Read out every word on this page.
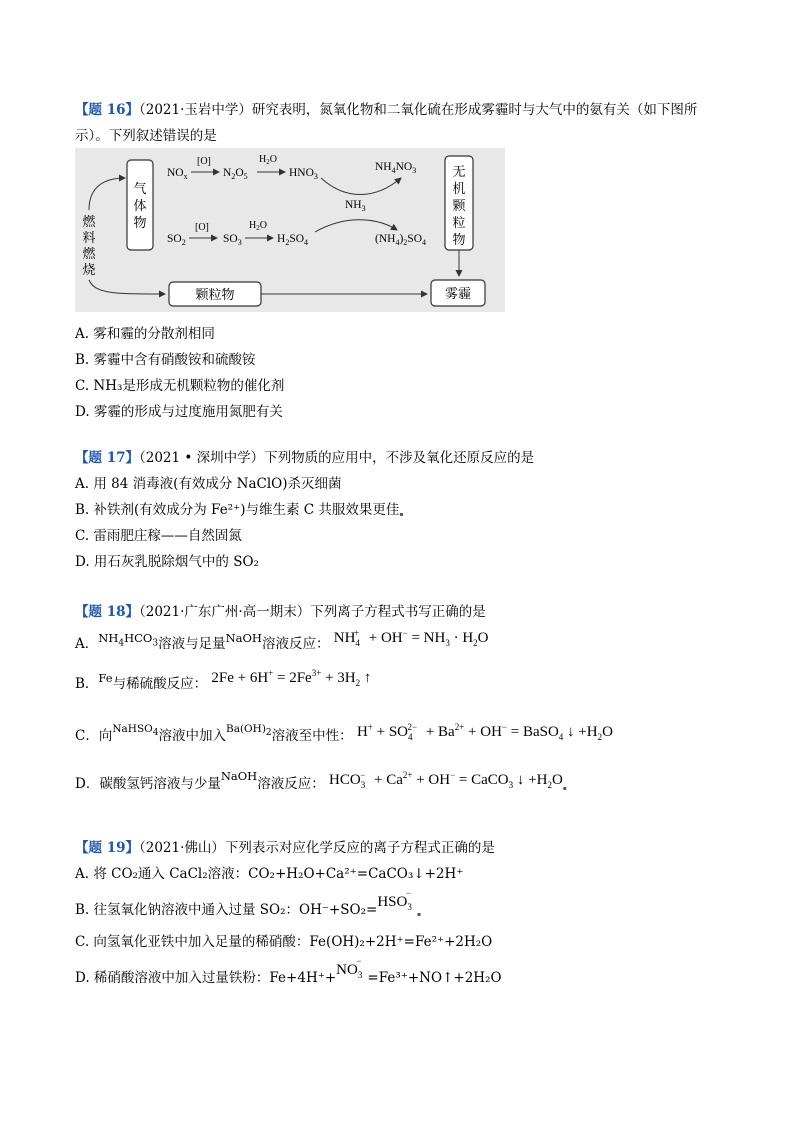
【题 16】（2021·玉岩中学）研究表明，氮氧化物和二氧化硫在形成雾霾时与大气中的氨有关（如下图所
示）。下列叙述错误的是
气
体
物
燃
料
燃
烧
颗粒物	雾霾
无
机
颗
粒
物
$NO_x$
[O]
$N_2O_5$
$H_2O$
$HNO_3$
$NH_4NO_3$
$SO_2$
[O]
$SO_3$
$H_2O$
$H_2SO_4$	$(NH_4)_2SO_4$
$NH_3$
A. 雾和霾的分散剂相同
B. 雾霾中含有硝酸铵和硫酸铵
C. NH₃是形成无机颗粒物的催化剂
D. 雾霾的形成与过度施用氮肥有关
【题 17】（2021 • 深圳中学）下列物质的应用中，不涉及氧化还原反应的是
A. 用 84 消毒液(有效成分 NaClO)杀灭细菌
B. 补铁剂(有效成分为 Fe²⁺)与维生素 C 共服效果更佳▪
C. 雷雨肥庄稼——自然固氮
D. 用石灰乳脱除烟气中的 SO₂
【题 18】（2021·广东广州·高一期末）下列离子方程式书写正确的是
A．$NH_4HCO_3$溶液与足量NaOH溶液反应： $NH_4^+ + OH^- = NH_3 \cdot H_2O$
B．Fe与稀硫酸反应： $2Fe + 6H^+ = 2Fe^{3+} + 3H_2$ ↑
C．向$^{NaHSO_4}$溶液中加入$^{Ba(OH)_2}$溶液至中性： $H^+ + SO_4^{2-} + Ba^{2+} + OH^-$ = BaSO$_4$ ↓ $+H_2O$
D．碳酸氢钙溶液与少量NaOH溶液反应： $HCO_3^- + Ca^{2+} + OH^-$ = CaCO$_3$ ↓ $+H_2O▪$
【题 19】（2021·佛山）下列表示对应化学反应的离子方程式正确的是
A. 将 CO₂通入 CaCl₂溶液：CO₂+H₂O+Ca²⁺=CaCO₃↓+2H⁺
B. 往氢氧化钠溶液中通入过量 SO₂：$OH^-+SO_2=HSO_3^-▪$
C. 向氢氧化亚铁中加入足量的稀硝酸：Fe(OH)₂+2H⁺=Fe²⁺+2H₂O
D. 稀硝酸溶液中加入过量铁粉：$Fe+4H^++NO_3^-=Fe^{3+}+NO↑+2H_2O$
